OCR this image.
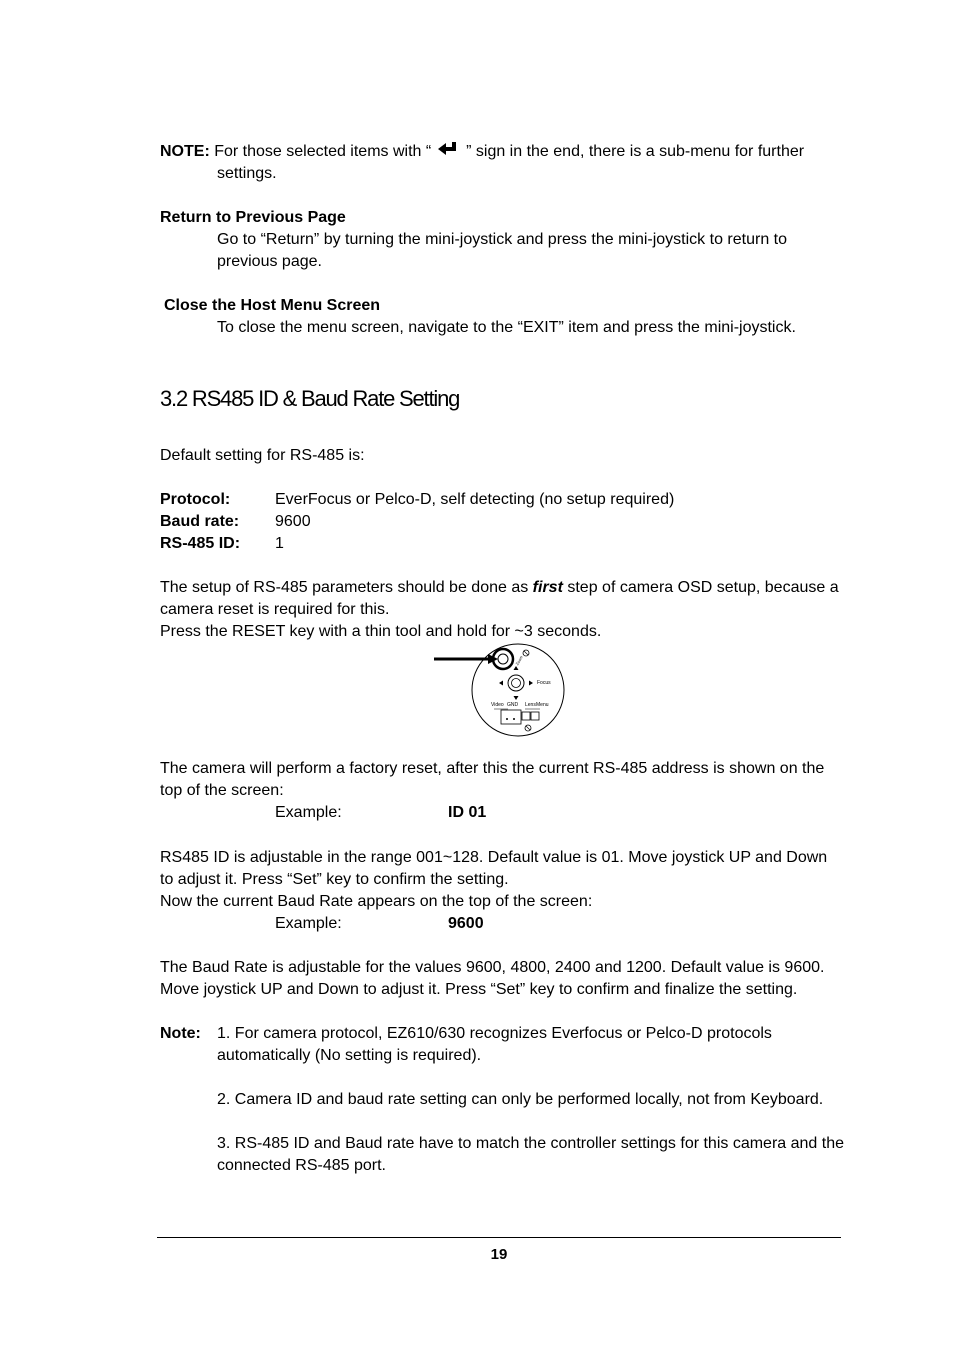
NOTE: For those selected items with “ ” sign in the end, there is a sub-menu for further
settings.
Return to Previous Page
Go to “Return” by turning the mini-joystick and press the mini-joystick to return to
previous page.
Close the Host Menu Screen
To close the menu screen, navigate to the “EXIT” item and press the mini-joystick.
3.2 RS485 ID & Baud Rate Setting
Default setting for RS-485 is:
Protocol:	EverFocus or Pelco-D, self detecting (no setup required)
Baud rate:	9600
RS-485 ID:	1
The setup of RS-485 parameters should be done as first step of camera OSD setup, because a
camera reset is required for this.
Press the RESET key with a thin tool and hold for ~3 seconds.
Zoom
Focus
Video GND Lens Menu
The camera will perform a factory reset, after this the current RS-485 address is shown on the
top of the screen:
Example:	ID 01
RS485 ID is adjustable in the range 001~128. Default value is 01. Move joystick UP and Down
to adjust it. Press “Set” key to confirm the setting.
Now the current Baud Rate appears on the top of the screen:
Example:	9600
The Baud Rate is adjustable for the values 9600, 4800, 2400 and 1200. Default value is 9600.
Move joystick UP and Down to adjust it. Press “Set” key to confirm and finalize the setting.
Note:	1. For camera protocol, EZ610/630 recognizes Everfocus or Pelco-D protocols
automatically (No setting is required).

2. Camera ID and baud rate setting can only be performed locally, not from Keyboard.

3. RS-485 ID and Baud rate have to match the controller settings for this camera and the
connected RS-485 port.

19
